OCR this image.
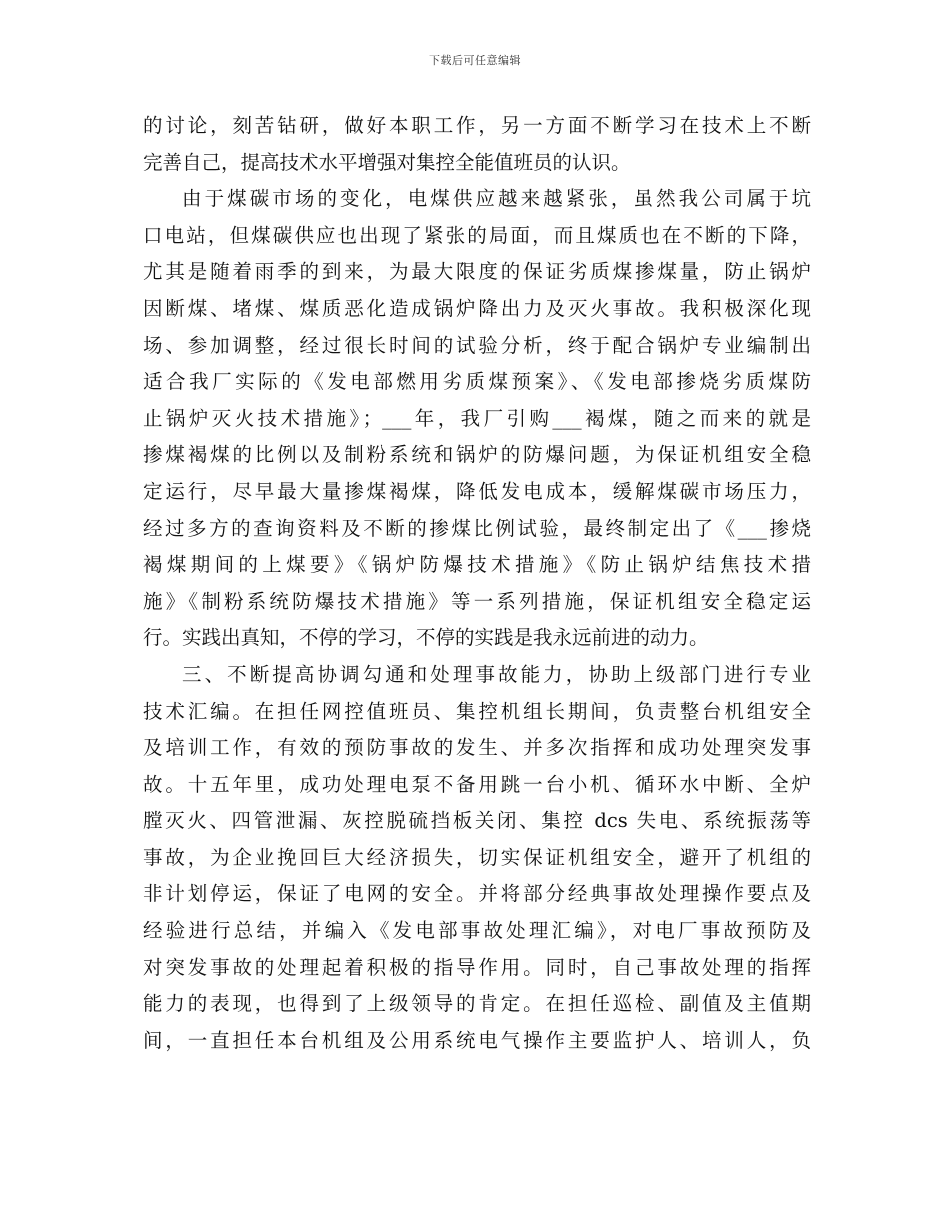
下载后可任意编辑
的讨论，刻苦钻研，做好本职工作，另一方面不断学习在技术上不断
完善自己，提高技术水平增强对集控全能值班员的认识。
由于煤碳市场的变化，电煤供应越来越紧张，虽然我公司属于坑
口电站，但煤碳供应也出现了紧张的局面，而且煤质也在不断的下降，
尤其是随着雨季的到来，为最大限度的保证劣质煤掺煤量，防止锅炉
因断煤、堵煤、煤质恶化造成锅炉降出力及灭火事故。我积极深化现
场、参加调整，经过很长时间的试验分析，终于配合锅炉专业编制出
适合我厂实际的《发电部燃用劣质煤预案》、《发电部掺烧劣质煤防
止锅炉灭火技术措施》；___年，我厂引购___褐煤，随之而来的就是
掺煤褐煤的比例以及制粉系统和锅炉的防爆问题，为保证机组安全稳
定运行，尽早最大量掺煤褐煤，降低发电成本，缓解煤碳市场压力，
经过多方的查询资料及不断的掺煤比例试验，最终制定出了《___掺烧
褐煤期间的上煤要》《锅炉防爆技术措施》《防止锅炉结焦技术措
施》《制粉系统防爆技术措施》等一系列措施，保证机组安全稳定运
行。实践出真知，不停的学习，不停的实践是我永远前进的动力。
三、不断提高协调勾通和处理事故能力，协助上级部门进行专业
技术汇编。在担任网控值班员、集控机组长期间，负责整台机组安全
及培训工作，有效的预防事故的发生、并多次指挥和成功处理突发事
故。十五年里，成功处理电泵不备用跳一台小机、循环水中断、全炉
膛灭火、四管泄漏、灰控脱硫挡板关闭、集控 dcs 失电、系统振荡等
事故，为企业挽回巨大经济损失，切实保证机组安全，避开了机组的
非计划停运，保证了电网的安全。并将部分经典事故处理操作要点及
经验进行总结，并编入《发电部事故处理汇编》，对电厂事故预防及
对突发事故的处理起着积极的指导作用。同时，自己事故处理的指挥
能力的表现，也得到了上级领导的肯定。在担任巡检、副值及主值期
间，一直担任本台机组及公用系统电气操作主要监护人、培训人，负
